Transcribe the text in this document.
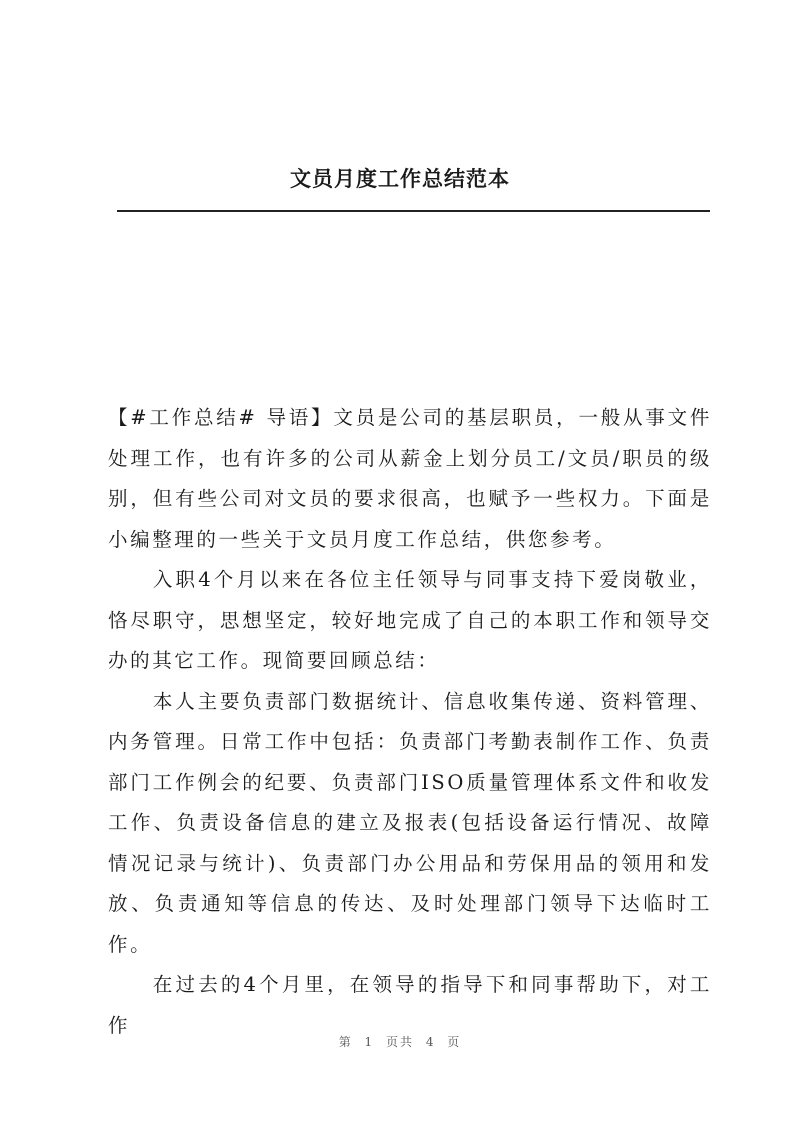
文员月度工作总结范本

【#工作总结# 导语】文员是公司的基层职员，一般从事文件处理工作，也有许多的公司从薪金上划分员工/文员/职员的级别，但有些公司对文员的要求很高，也赋予一些权力。下面是小编整理的一些关于文员月度工作总结，供您参考。

入职4个月以来在各位主任领导与同事支持下爱岗敬业，恪尽职守，思想坚定，较好地完成了自己的本职工作和领导交办的其它工作。现简要回顾总结：

本人主要负责部门数据统计、信息收集传递、资料管理、内务管理。日常工作中包括：负责部门考勤表制作工作、负责部门工作例会的纪要、负责部门ISO质量管理体系文件和收发工作、负责设备信息的建立及报表(包括设备运行情况、故障情况记录与统计)、负责部门办公用品和劳保用品的领用和发放、负责通知等信息的传达、及时处理部门领导下达临时工作。

在过去的4个月里，在领导的指导下和同事帮助下，对工作

第 1 页共 4 页
